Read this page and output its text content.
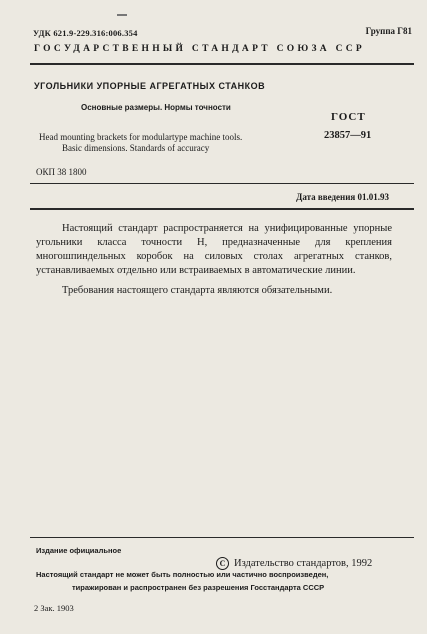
УДК 621.9-229.316:006.354	Группа Г81
ГОСУДАРСТВЕННЫЙ СТАНДАРТ СОЮЗА ССР
УГОЛЬНИКИ УПОРНЫЕ АГРЕГАТНЫХ СТАНКОВ
Основные размеры. Нормы точности
ГОСТ
23857—91
Head mounting brackets for modulartype machine tools.
Basic dimensions. Standards of accuracy
ОКП 38 1800
Дата введения 01.01.93
Настоящий стандарт распространяется на унифицированные упорные угольники класса точности Н, предназначенные для крепления многошпиндельных коробок на силовых столах агрегатных станков, устанавливаемых отдельно или встраиваемых в автоматические линии.
Требования настоящего стандарта являются обязательными.
Издание официальное
C Издательство стандартов, 1992
Настоящий стандарт не может быть полностью или частично воспроизведен,
тиражирован и распространен без разрешения Госстандарта СССР
2 Зак. 1903
